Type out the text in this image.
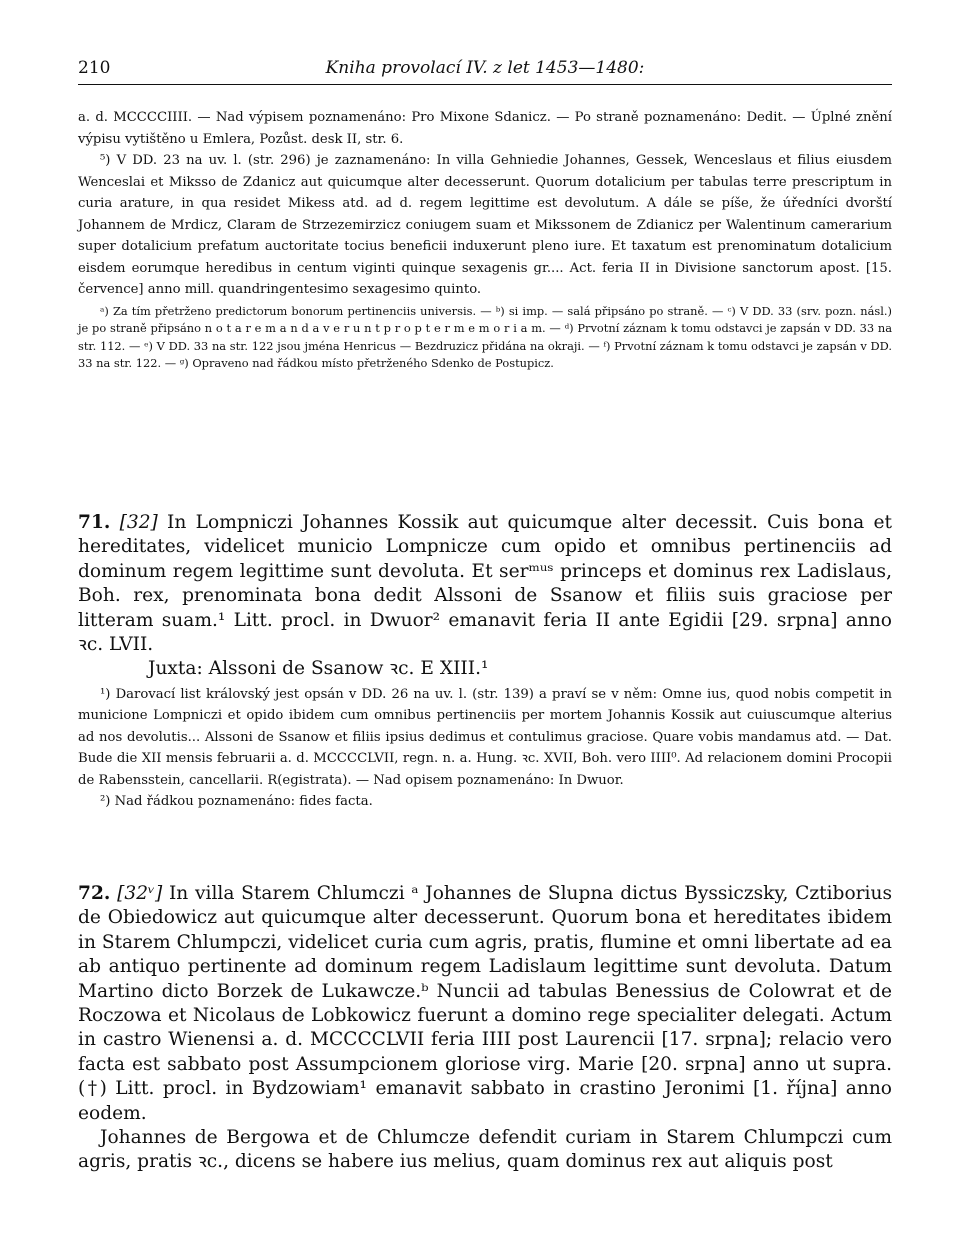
210	Kniha provolací IV. z let 1453—1480:

a. d. MCCCCIIII. — Nad výpisem poznamenáno: Pro Mixone Sdanicz. — Po straně poznamenáno: Dedit. — Úplné znění výpisu vytištěno u Emlera, Pozůst. desk II, str. 6.

⁵) V DD. 23 na uv. l. (str. 296) je zaznamenáno: In villa Gehniedie Johannes, Gessek, Wenceslaus et filius eiusdem Wenceslai et Miksso de Zdanicz aut quicumque alter decesserunt. Quorum dotalicium per tabulas terre prescriptum in curia arature, in qua residet Mikess atd. ad d. regem legittime est devolutum. A dále se píše, že úředníci dvorští Johannem de Mrdicz, Claram de Strzezemirzicz coniugem suam et Mikssonem de Zdianicz per Walentinum camerarium super dotalicium prefatum auctoritate tocius beneficii induxerunt pleno iure. Et taxatum est prenominatum dotalicium eisdem eorumque heredibus in centum viginti quinque sexagenis gr.... Act. feria II in Divisione sanctorum apost. [15. července] anno mill. quandringentesimo sexagesimo quinto.

ᵃ) Za tím přetrženo predictorum bonorum pertinenciis universis. — ᵇ) si imp. — salá připsáno po straně. — ᶜ) V DD. 33 (srv. pozn. násl.) je po straně připsáno n o t a r e m a n d a v e r u n t p r o p t e r m e m o r i a m. — ᵈ) Prvotní záznam k tomu odstavci je zapsán v DD. 33 na str. 112. — ᵉ) V DD. 33 na str. 122 jsou jména Henricus — Bezdruzicz přidána na okraji. — ᶠ) Prvotní záznam k tomu odstavci je zapsán v DD. 33 na str. 122. — ᵍ) Opraveno nad řádkou místo přetrženého Sdenko de Postupicz.

71. [32] In Lompniczi Johannes Kossik aut quicumque alter decessit. Cuis bona et hereditates, videlicet municio Lompnicze cum opido et omnibus pertinenciis ad dominum regem legittime sunt devoluta. Et serᵐᵘˢ princeps et dominus rex Ladislaus, Boh. rex, prenominata bona dedit Alssoni de Ssanow et filiis suis graciose per litteram suam.¹ Litt. procl. in Dwuor² emanavit feria II ante Egidii [29. srpna] anno ꝛc. LVII.

Juxta: Alssoni de Ssanow ꝛc. E XIII.¹

¹) Darovací list královský jest opsán v DD. 26 na uv. l. (str. 139) a praví se v něm: Omne ius, quod nobis competit in municione Lompniczi et opido ibidem cum omnibus pertinenciis per mortem Johannis Kossik aut cuiuscumque alterius ad nos devolutis... Alssoni de Ssanow et filiis ipsius dedimus et contulimus graciose. Quare vobis mandamus atd. — Dat. Bude die XII mensis februarii a. d. MCCCCLVII, regn. n. a. Hung. ꝛc. XVII, Boh. vero IIII⁰. Ad relacionem domini Procopii de Rabensstein, cancellarii. R(egistrata). — Nad opisem poznamenáno: In Dwuor.

²) Nad řádkou poznamenáno: fides facta.

72. [32ᵛ] In villa Starem Chlumczi ᵃ Johannes de Slupna dictus Byssiczsky, Cztiborius de Obiedowicz aut quicumque alter decesserunt. Quorum bona et hereditates ibidem in Starem Chlumpczi, videlicet curia cum agris, pratis, flumine et omni libertate ad ea ab antiquo pertinente ad dominum regem Ladislaum legittime sunt devoluta. Datum Martino dicto Borzek de Lukawcze.ᵇ Nuncii ad tabulas Benessius de Colowrat et de Roczowa et Nicolaus de Lobkowicz fuerunt a domino rege specialiter delegati. Actum in castro Wienensi a. d. MCCCCLVII feria IIII post Laurencii [17. srpna]; relacio vero facta est sabbato post Assumpcionem gloriose virg. Marie [20. srpna] anno ut supra. (†) Litt. procl. in Bydzowiam¹ emanavit sabbato in crastino Jeronimi [1. října] anno eodem.

Johannes de Bergowa et de Chlumcze defendit curiam in Starem Chlumpczi cum agris, pratis ꝛc., dicens se habere ius melius, quam dominus rex aut aliquis post
